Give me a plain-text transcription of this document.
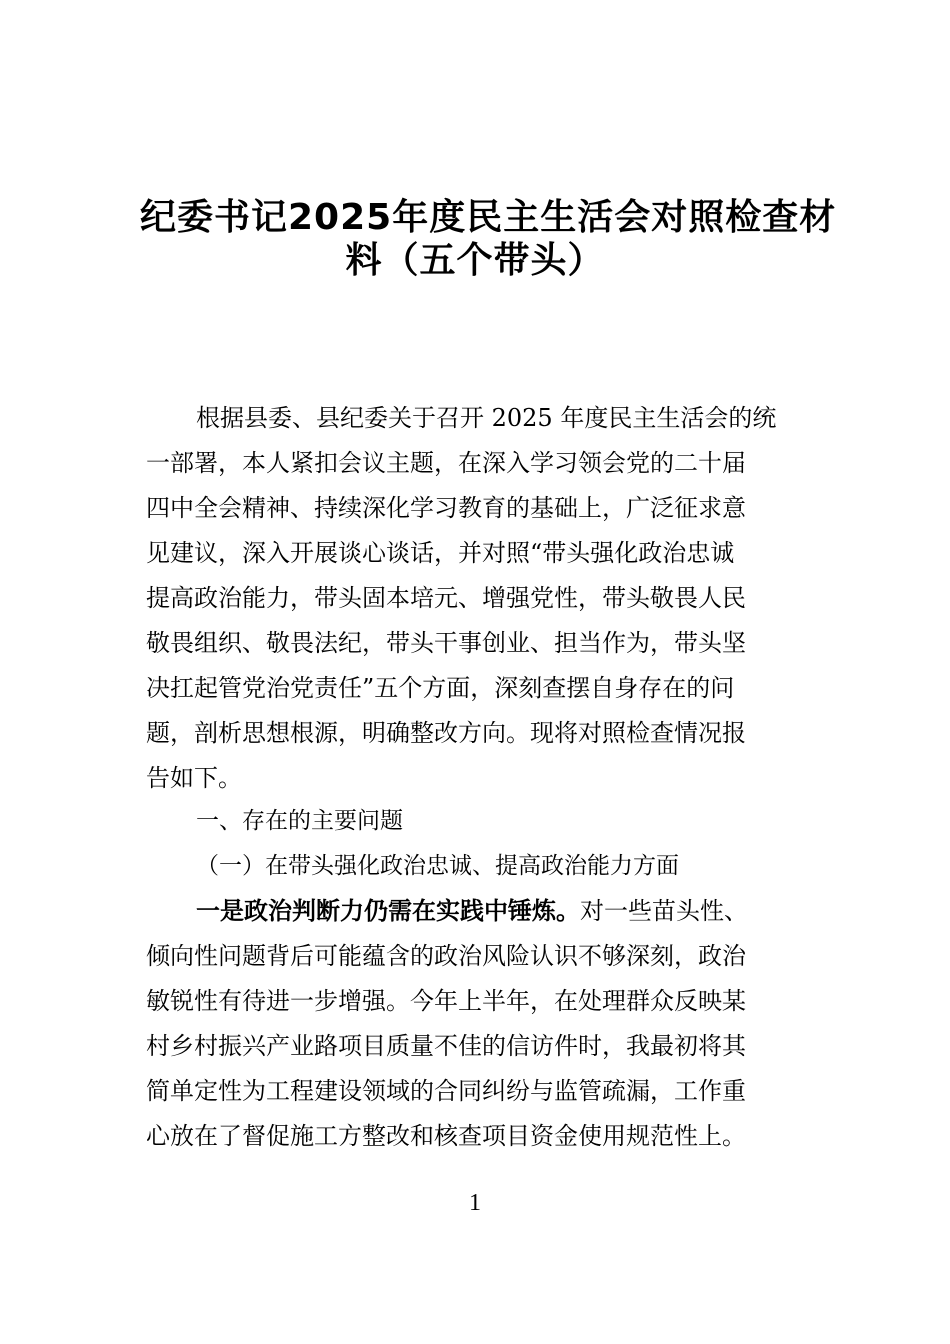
纪委书记2025年度民主生活会对照检查材
料（五个带头）
根据县委、县纪委关于召开 2025 年度民主生活会的统
一部署，本人紧扣会议主题，在深入学习领会党的二十届
四中全会精神、持续深化学习教育的基础上，广泛征求意
见建议，深入开展谈心谈话，并对照“带头强化政治忠诚
提高政治能力，带头固本培元、增强党性，带头敬畏人民
敬畏组织、敬畏法纪，带头干事创业、担当作为，带头坚
决扛起管党治党责任”五个方面，深刻查摆自身存在的问
题，剖析思想根源，明确整改方向。现将对照检查情况报
告如下。
一、存在的主要问题
（一）在带头强化政治忠诚、提高政治能力方面
一是政治判断力仍需在实践中锤炼。对一些苗头性、
倾向性问题背后可能蕴含的政治风险认识不够深刻，政治
敏锐性有待进一步增强。今年上半年，在处理群众反映某
村乡村振兴产业路项目质量不佳的信访件时，我最初将其
简单定性为工程建设领域的合同纠纷与监管疏漏，工作重
心放在了督促施工方整改和核查项目资金使用规范性上。
1
